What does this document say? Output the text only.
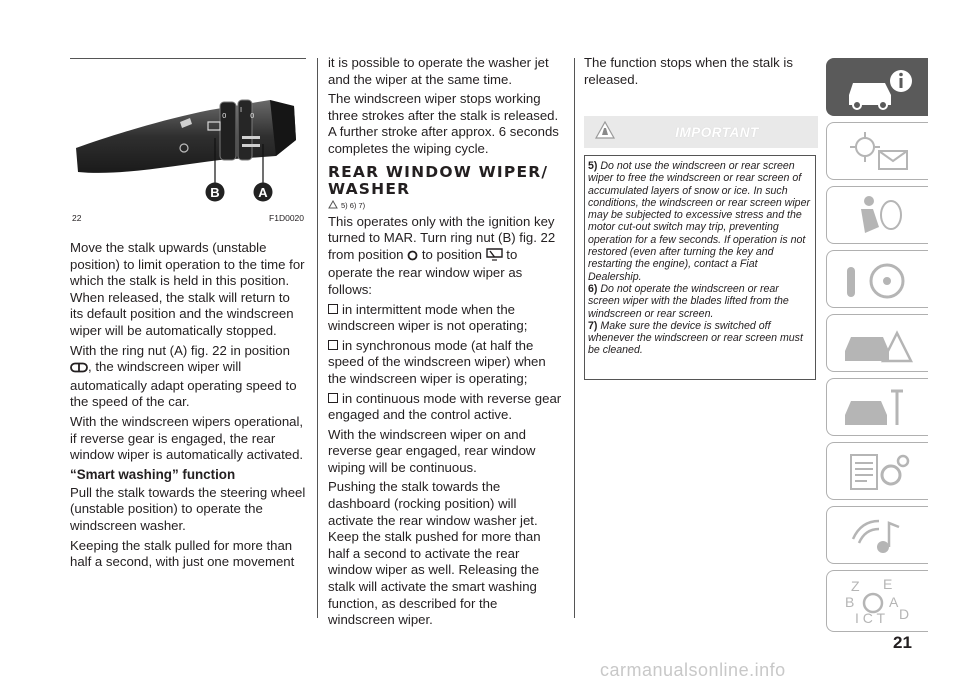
0
I
0
B	A
22	F1D0020

Move the stalk upwards (unstable position) to limit operation to the time for which the stalk is held in this position. When released, the stalk will return to its default position and the windscreen wiper will be automatically stopped.

With the ring nut (A) fig. 22 in position , the windscreen wiper will automatically adapt operating speed to the speed of the car.

With the windscreen wipers operational, if reverse gear is engaged, the rear window wiper is automatically activated.

“Smart washing” function

Pull the stalk towards the steering wheel (unstable position) to operate the windscreen washer.

Keeping the stalk pulled for more than half a second, with just one movement

it is possible to operate the washer jet and the wiper at the same time.

The windscreen wiper stops working three strokes after the stalk is released. A further stroke after approx. 6 seconds completes the wiping cycle.

REAR WINDOW WIPER/ WASHER
5) 6) 7)

This operates only with the ignition key turned to MAR. Turn ring nut (B) fig. 22 from position  to position  to operate the rear window wiper as follows:

in intermittent mode when the windscreen wiper is not operating;

in synchronous mode (at half the speed of the windscreen wiper) when the windscreen wiper is operating;

in continuous mode with reverse gear engaged and the control active.

With the windscreen wiper on and reverse gear engaged, rear window wiping will be continuous.

Pushing the stalk towards the dashboard (rocking position) will activate the rear window washer jet. Keep the stalk pushed for more than half a second to activate the rear window wiper as well. Releasing the stalk will activate the smart washing function, as described for the windscreen wiper.

The function stops when the stalk is released.

IMPORTANT

5) Do not use the windscreen or rear screen wiper to free the windscreen or rear screen of accumulated layers of snow or ice. In such conditions, the windscreen or rear screen wiper may be subjected to excessive stress and the motor cut-out switch may trip, preventing operation for a few seconds. If operation is not restored (even after turning the key and restarting the engine), contact a Fiat Dealership.

6) Do not operate the windscreen or rear screen wiper with the blades lifted from the windscreen or rear screen.

7) Make sure the device is switched off whenever the windscreen or rear screen must be cleaned.

Z E
B A
I C T D
21
carmanualsonline.info
